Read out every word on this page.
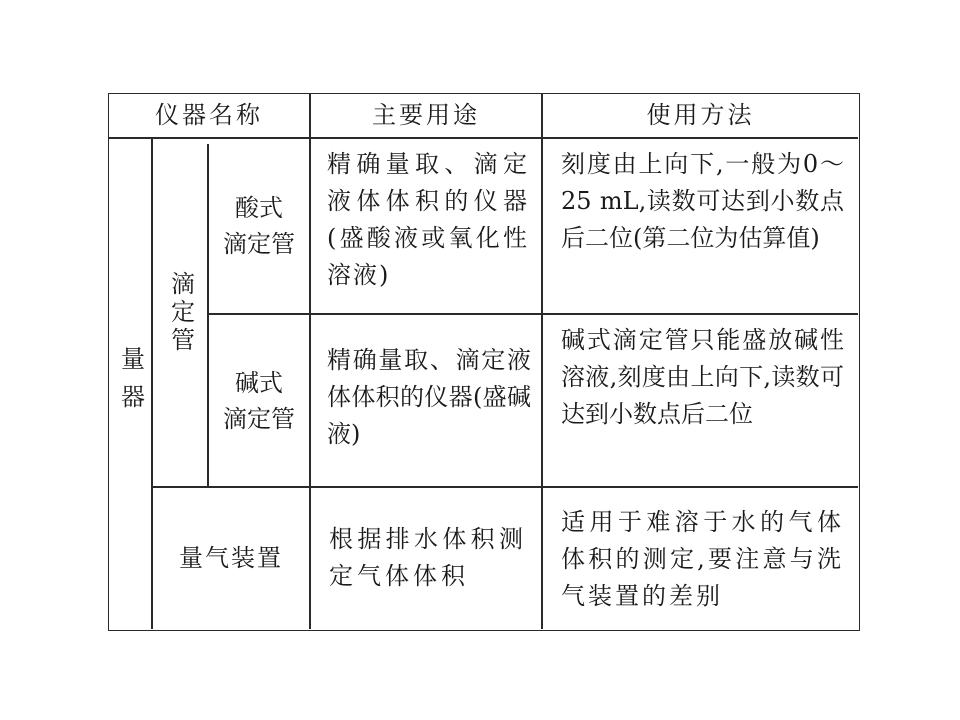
仪器名称	主要用途	使用方法
量器
滴定管
酸式
滴定管
精确量取、滴定液体体积的仪器(盛酸液或氧化性溶液)
刻度由上向下,一般为0～25 mL,读数可达到小数点后二位(第二位为估算值)
碱式
滴定管
精确量取、滴定液体体积的仪器(盛碱液)
碱式滴定管只能盛放碱性溶液,刻度由上向下,读数可达到小数点后二位
量气装置
根据排水体积测定气体体积
适用于难溶于水的气体体积的测定,要注意与洗气装置的差别
